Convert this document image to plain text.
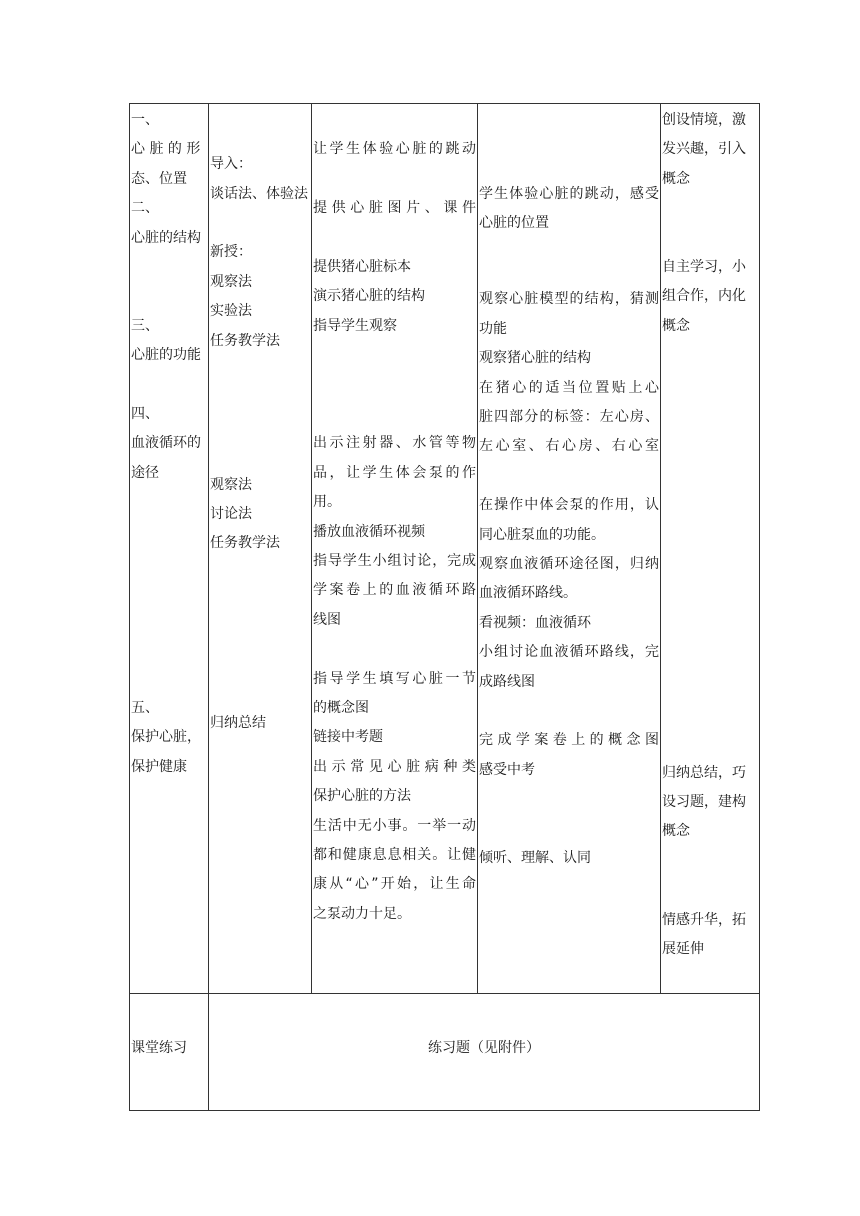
一、
心 脏 的 形
态、位置
二、
心脏的结构
三、
心脏的功能
四、
血液循环的
途径
五、
保护心脏，
保护健康
导入：
谈话法、体验法
新授：
观察法
实验法
任务教学法
观察法
讨论法
任务教学法
归纳总结
让学生体验心脏的跳动
提供心脏图片、课件
提供猪心脏标本
演示猪心脏的结构
指导学生观察
出示注射器、水管等物
品，让学生体会泵的作
用。
播放血液循环视频
指导学生小组讨论，完成
学案卷上的血液循环路
线图
指导学生填写心脏一节
的概念图
链接中考题
出示常见心脏病种类
保护心脏的方法
生活中无小事。一举一动
都和健康息息相关。让健
康从“心”开始，让生命
之泵动力十足。
学生体验心脏的跳动，感受
心脏的位置
观察心脏模型的结构，猜测
功能
观察猪心脏的结构
在猪心的适当位置贴上心
脏四部分的标签：左心房、
左心室、右心房、右心室
在操作中体会泵的作用，认
同心脏泵血的功能。
观察血液循环途径图，归纳
血液循环路线。
看视频：血液循环
小组讨论血液循环路线，完
成路线图
完成学案卷上的概念图
感受中考
倾听、理解、认同
创设情境，激
发兴趣，引入
概念
自主学习，小
组合作，内化
概念
归纳总结，巧
设习题，建构
概念
情感升华，拓
展延伸
课堂练习	练习题（见附件）
